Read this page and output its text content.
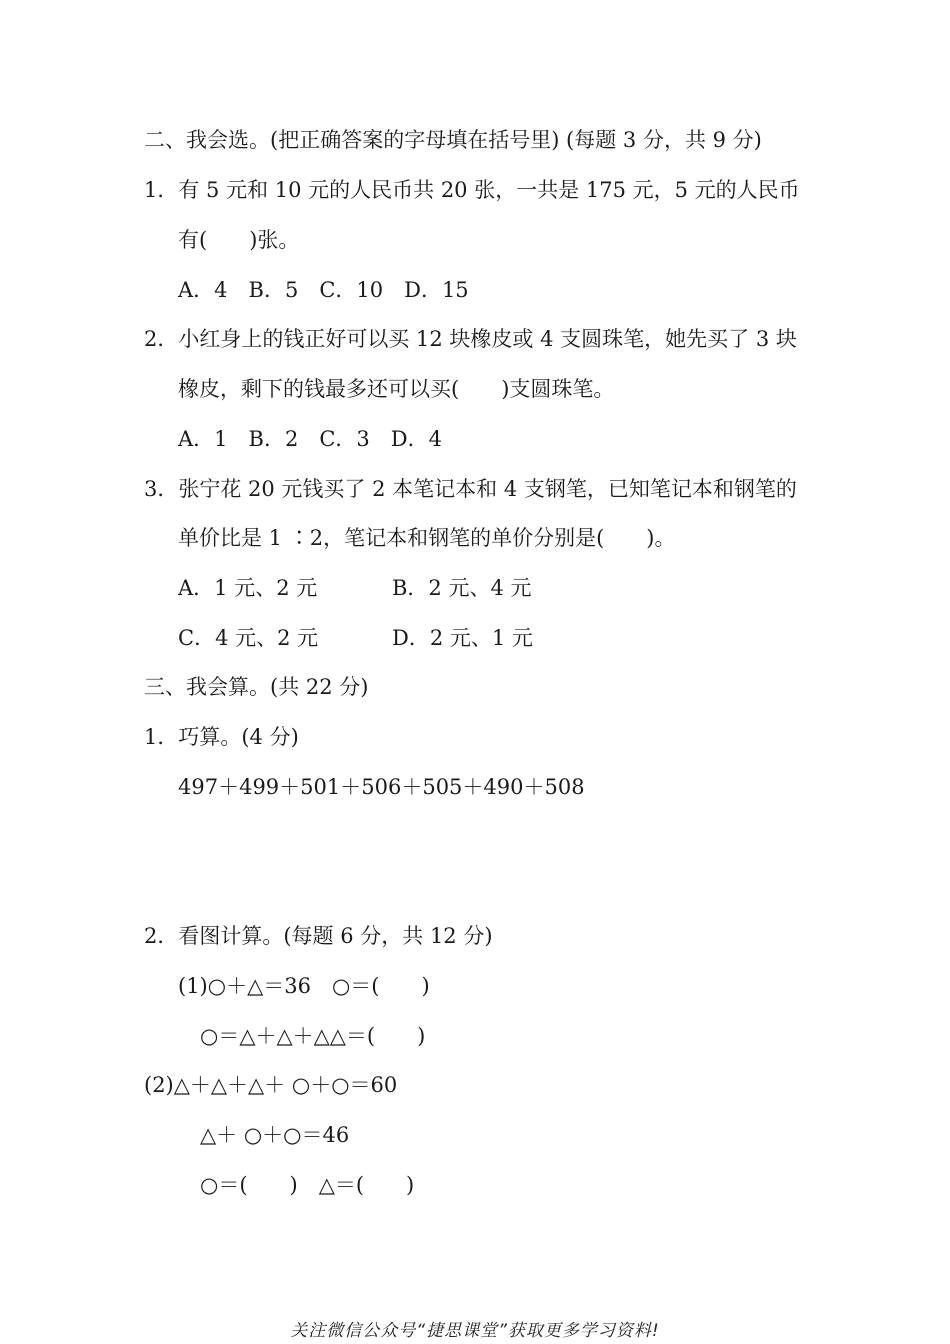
二、我会选。(把正确答案的字母填在括号里) (每题 3 分，共 9 分)
1．有 5 元和 10 元的人民币共 20 张，一共是 175 元，5 元的人民币
有(　　)张。
A．4　B．5　C．10　D．15
2．小红身上的钱正好可以买 12 块橡皮或 4 支圆珠笔，她先买了 3 块
橡皮，剩下的钱最多还可以买(　　)支圆珠笔。
A．1　B．2　C．3　D．4
3．张宁花 20 元钱买了 2 本笔记本和 4 支钢笔，已知笔记本和钢笔的
单价比是 1 ∶2，笔记本和钢笔的单价分别是(　　)。
A．1 元、2 元	B．2 元、4 元
C．4 元、2 元	D．2 元、1 元
三、我会算。(共 22 分)
1．巧算。(4 分)
497＋499＋501＋506＋505＋490＋508
2．看图计算。(每题 6 分，共 12 分)
(1)○＋△＝36　○＝(　　)
○＝△＋△＋△△＝(　　)
(2)△＋△＋△＋ ○＋○＝60
△＋ ○＋○＝46
○＝(　　)　△＝(　　)
关注微信公众号“捷思课堂”获取更多学习资料!
